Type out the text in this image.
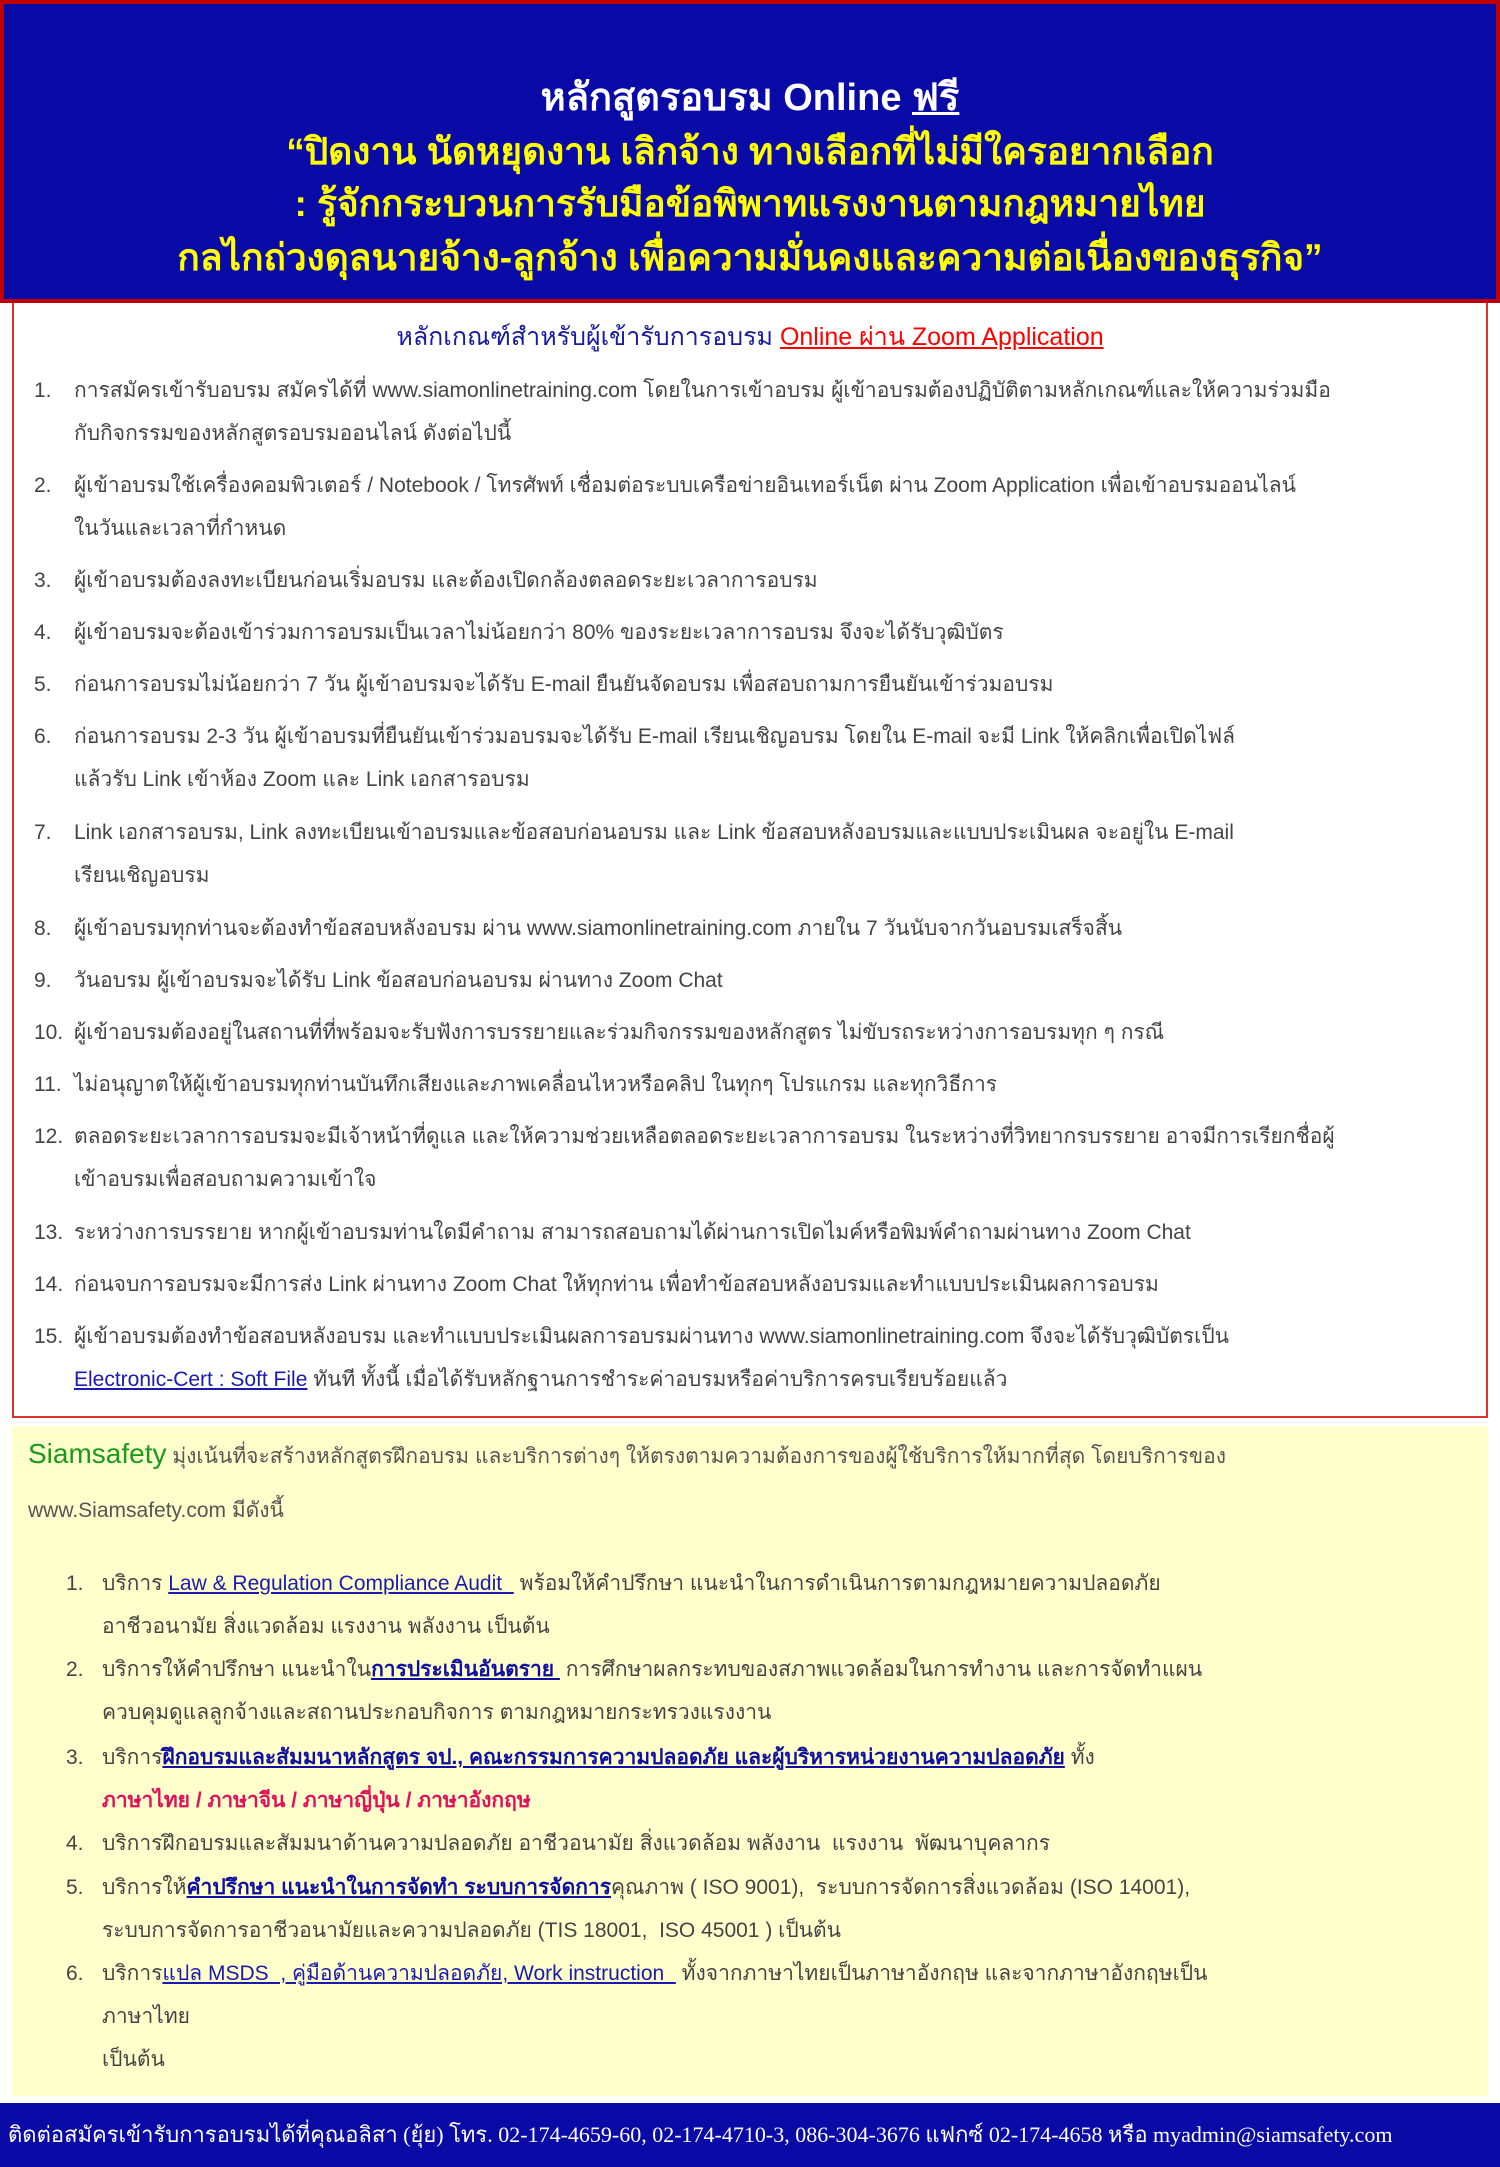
หลักสูตรอบรม Online ฟรี
“ปิดงาน นัดหยุดงาน เลิกจ้าง ทางเลือกที่ไม่มีใครอยากเลือก
: รู้จักกระบวนการรับมือข้อพิพาทแรงงานตามกฎหมายไทย
กลไกถ่วงดุลนายจ้าง-ลูกจ้าง เพื่อความมั่นคงและความต่อเนื่องของธุรกิจ”
หลักเกณฑ์สำหรับผู้เข้ารับการอบรม Online ผ่าน Zoom Application
1. การสมัครเข้ารับอบรม สมัครได้ที่ www.siamonlinetraining.com โดยในการเข้าอบรม ผู้เข้าอบรมต้องปฏิบัติตามหลักเกณฑ์และให้ความร่วมมือ
กับกิจกรรมของหลักสูตรอบรมออนไลน์ ดังต่อไปนี้
2. ผู้เข้าอบรมใช้เครื่องคอมพิวเตอร์ / Notebook / โทรศัพท์ เชื่อมต่อระบบเครือข่ายอินเทอร์เน็ต ผ่าน Zoom Application เพื่อเข้าอบรมออนไลน์
ในวันและเวลาที่กำหนด
3. ผู้เข้าอบรมต้องลงทะเบียนก่อนเริ่มอบรม และต้องเปิดกล้องตลอดระยะเวลาการอบรม
4. ผู้เข้าอบรมจะต้องเข้าร่วมการอบรมเป็นเวลาไม่น้อยกว่า 80% ของระยะเวลาการอบรม จึงจะได้รับวุฒิบัตร
5. ก่อนการอบรมไม่น้อยกว่า 7 วัน ผู้เข้าอบรมจะได้รับ E-mail ยืนยันจัดอบรม เพื่อสอบถามการยืนยันเข้าร่วมอบรม
6. ก่อนการอบรม 2-3 วัน ผู้เข้าอบรมที่ยืนยันเข้าร่วมอบรมจะได้รับ E-mail เรียนเชิญอบรม โดยใน E-mail จะมี Link ให้คลิกเพื่อเปิดไฟล์
แล้วรับ Link เข้าห้อง Zoom และ Link เอกสารอบรม
7. Link เอกสารอบรม, Link ลงทะเบียนเข้าอบรมและข้อสอบก่อนอบรม และ Link ข้อสอบหลังอบรมและแบบประเมินผล จะอยู่ใน E-mail
เรียนเชิญอบรม
8. ผู้เข้าอบรมทุกท่านจะต้องทำข้อสอบหลังอบรม ผ่าน www.siamonlinetraining.com ภายใน 7 วันนับจากวันอบรมเสร็จสิ้น
9. วันอบรม ผู้เข้าอบรมจะได้รับ Link ข้อสอบก่อนอบรม ผ่านทาง Zoom Chat
10. ผู้เข้าอบรมต้องอยู่ในสถานที่ที่พร้อมจะรับฟังการบรรยายและร่วมกิจกรรมของหลักสูตร ไม่ขับรถระหว่างการอบรมทุก ๆ กรณี
11. ไม่อนุญาตให้ผู้เข้าอบรมทุกท่านบันทึกเสียงและภาพเคลื่อนไหวหรือคลิป ในทุกๆ โปรแกรม และทุกวิธีการ
12. ตลอดระยะเวลาการอบรมจะมีเจ้าหน้าที่ดูแล และให้ความช่วยเหลือตลอดระยะเวลาการอบรม ในระหว่างที่วิทยากรบรรยาย อาจมีการเรียกชื่อผู้
เข้าอบรมเพื่อสอบถามความเข้าใจ
13. ระหว่างการบรรยาย หากผู้เข้าอบรมท่านใดมีคำถาม สามารถสอบถามได้ผ่านการเปิดไมค์หรือพิมพ์คำถามผ่านทาง Zoom Chat
14. ก่อนจบการอบรมจะมีการส่ง Link ผ่านทาง Zoom Chat ให้ทุกท่าน เพื่อทำข้อสอบหลังอบรมและทำแบบประเมินผลการอบรม
15. ผู้เข้าอบรมต้องทำข้อสอบหลังอบรม และทำแบบประเมินผลการอบรมผ่านทาง www.siamonlinetraining.com จึงจะได้รับวุฒิบัตรเป็น
Electronic-Cert : Soft File ทันที ทั้งนี้ เมื่อได้รับหลักฐานการชำระค่าอบรมหรือค่าบริการครบเรียบร้อยแล้ว
Siamsafety มุ่งเน้นที่จะสร้างหลักสูตรฝึกอบรม และบริการต่างๆ ให้ตรงตามความต้องการของผู้ใช้บริการให้มากที่สุด โดยบริการของ
www.Siamsafety.com มีดังนี้
1. บริการ Law & Regulation Compliance Audit   พร้อมให้คำปรึกษา แนะนำในการดำเนินการตามกฎหมายความปลอดภัย
อาชีวอนามัย สิ่งแวดล้อม แรงงาน พลังงาน เป็นต้น
2. บริการให้คำปรึกษา แนะนำในการประเมินอันตราย  การศึกษาผลกระทบของสภาพแวดล้อมในการทำงาน และการจัดทำแผน
ควบคุมดูแลลูกจ้างและสถานประกอบกิจการ ตามกฎหมายกระทรวงแรงงาน
3. บริการฝึกอบรมและสัมมนาหลักสูตร จป., คณะกรรมการความปลอดภัย และผู้บริหารหน่วยงานความปลอดภัย ทั้ง
ภาษาไทย / ภาษาจีน / ภาษาญี่ปุ่น / ภาษาอังกฤษ
4. บริการฝึกอบรมและสัมมนาด้านความปลอดภัย อาชีวอนามัย สิ่งแวดล้อม พลังงาน  แรงงาน  พัฒนาบุคลากร
5. บริการให้คำปรึกษา แนะนำในการจัดทำ ระบบการจัดการคุณภาพ ( ISO 9001),  ระบบการจัดการสิ่งแวดล้อม (ISO 14001),
ระบบการจัดการอาชีวอนามัยและความปลอดภัย (TIS 18001,  ISO 45001 ) เป็นต้น
6. บริการแปล MSDS  , คู่มือด้านความปลอดภัย, Work instruction   ทั้งจากภาษาไทยเป็นภาษาอังกฤษ และจากภาษาอังกฤษเป็น
ภาษาไทย
เป็นต้น
ติดต่อสมัครเข้ารับการอบรมได้ที่คุณอลิสา (ยุ้ย) โทร. 02-174-4659-60, 02-174-4710-3, 086-304-3676 แฟกซ์ 02-174-4658 หรือ myadmin@siamsafety.com
